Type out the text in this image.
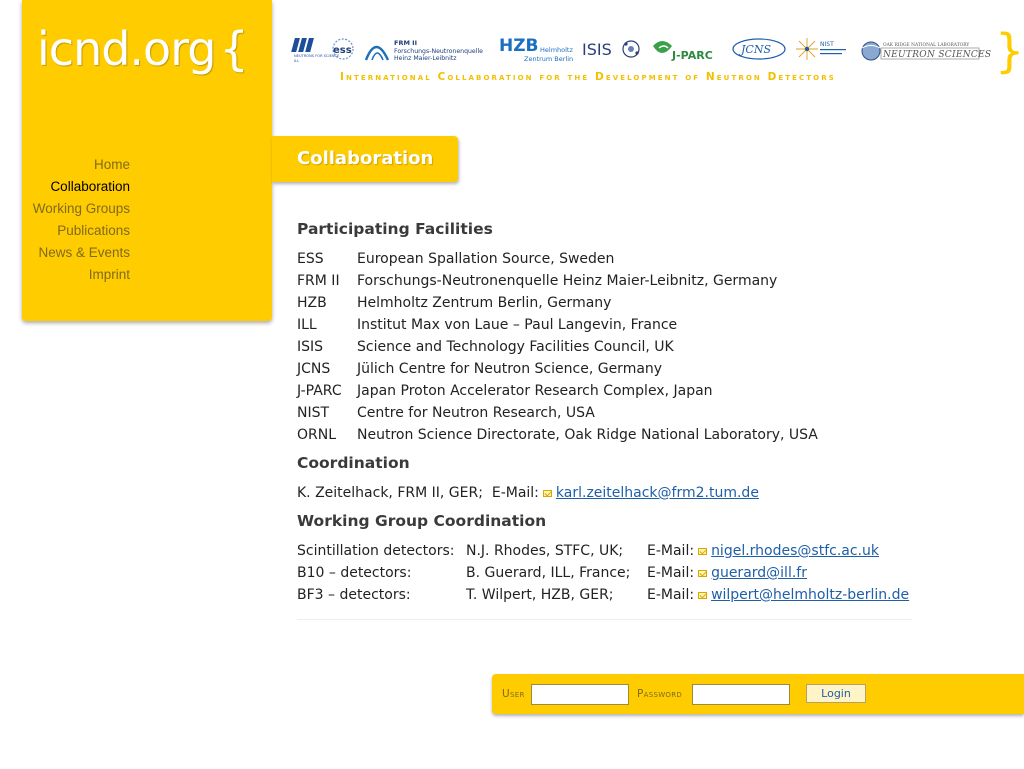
icnd.org{
Home
Collaboration
Working Groups
Publications
News & Events
Imprint
NEUTRONS FOR SCIENCE
ILL
ess
FRM II
Forschungs-Neutronenquelle
Heinz Maier-Leibnitz
HZB Helmholtz
Zentrum Berlin ISIS	J-PARC	JCNS	NIST	OAK RIDGE NATIONAL LABORATORY
NEUTRON SCIENCES
International Collaboration for the Development of Neutron Detectors	}
Collaboration
Participating Facilities
ESS European Spallation Source, Sweden
FRM II Forschungs-Neutronenquelle Heinz Maier-Leibnitz, Germany
HZB Helmholtz Zentrum Berlin, Germany
ILL	Institut Max von Laue – Paul Langevin, France
ISIS Science and Technology Facilities Council, UK
JCNS Jülich Centre for Neutron Science, Germany
J-PARC Japan Proton Accelerator Research Complex, Japan
NIST Centre for Neutron Research, USA
ORNL Neutron Science Directorate, Oak Ridge National Laboratory, USA
Coordination
K. Zeitelhack, FRM II, GER; E-Mail: karl.zeitelhack@frm2.tum.de
Working Group Coordination
Scintillation detectors: N.J. Rhodes, STFC, UK; E-Mail: nigel.rhodes@stfc.ac.uk
B10 – detectors:	B. Guerard, ILL, France; E-Mail: guerard@ill.fr
BF3 – detectors:	T. Wilpert, HZB, GER; E-Mail: wilpert@helmholtz-berlin.de
User	Password	Login
